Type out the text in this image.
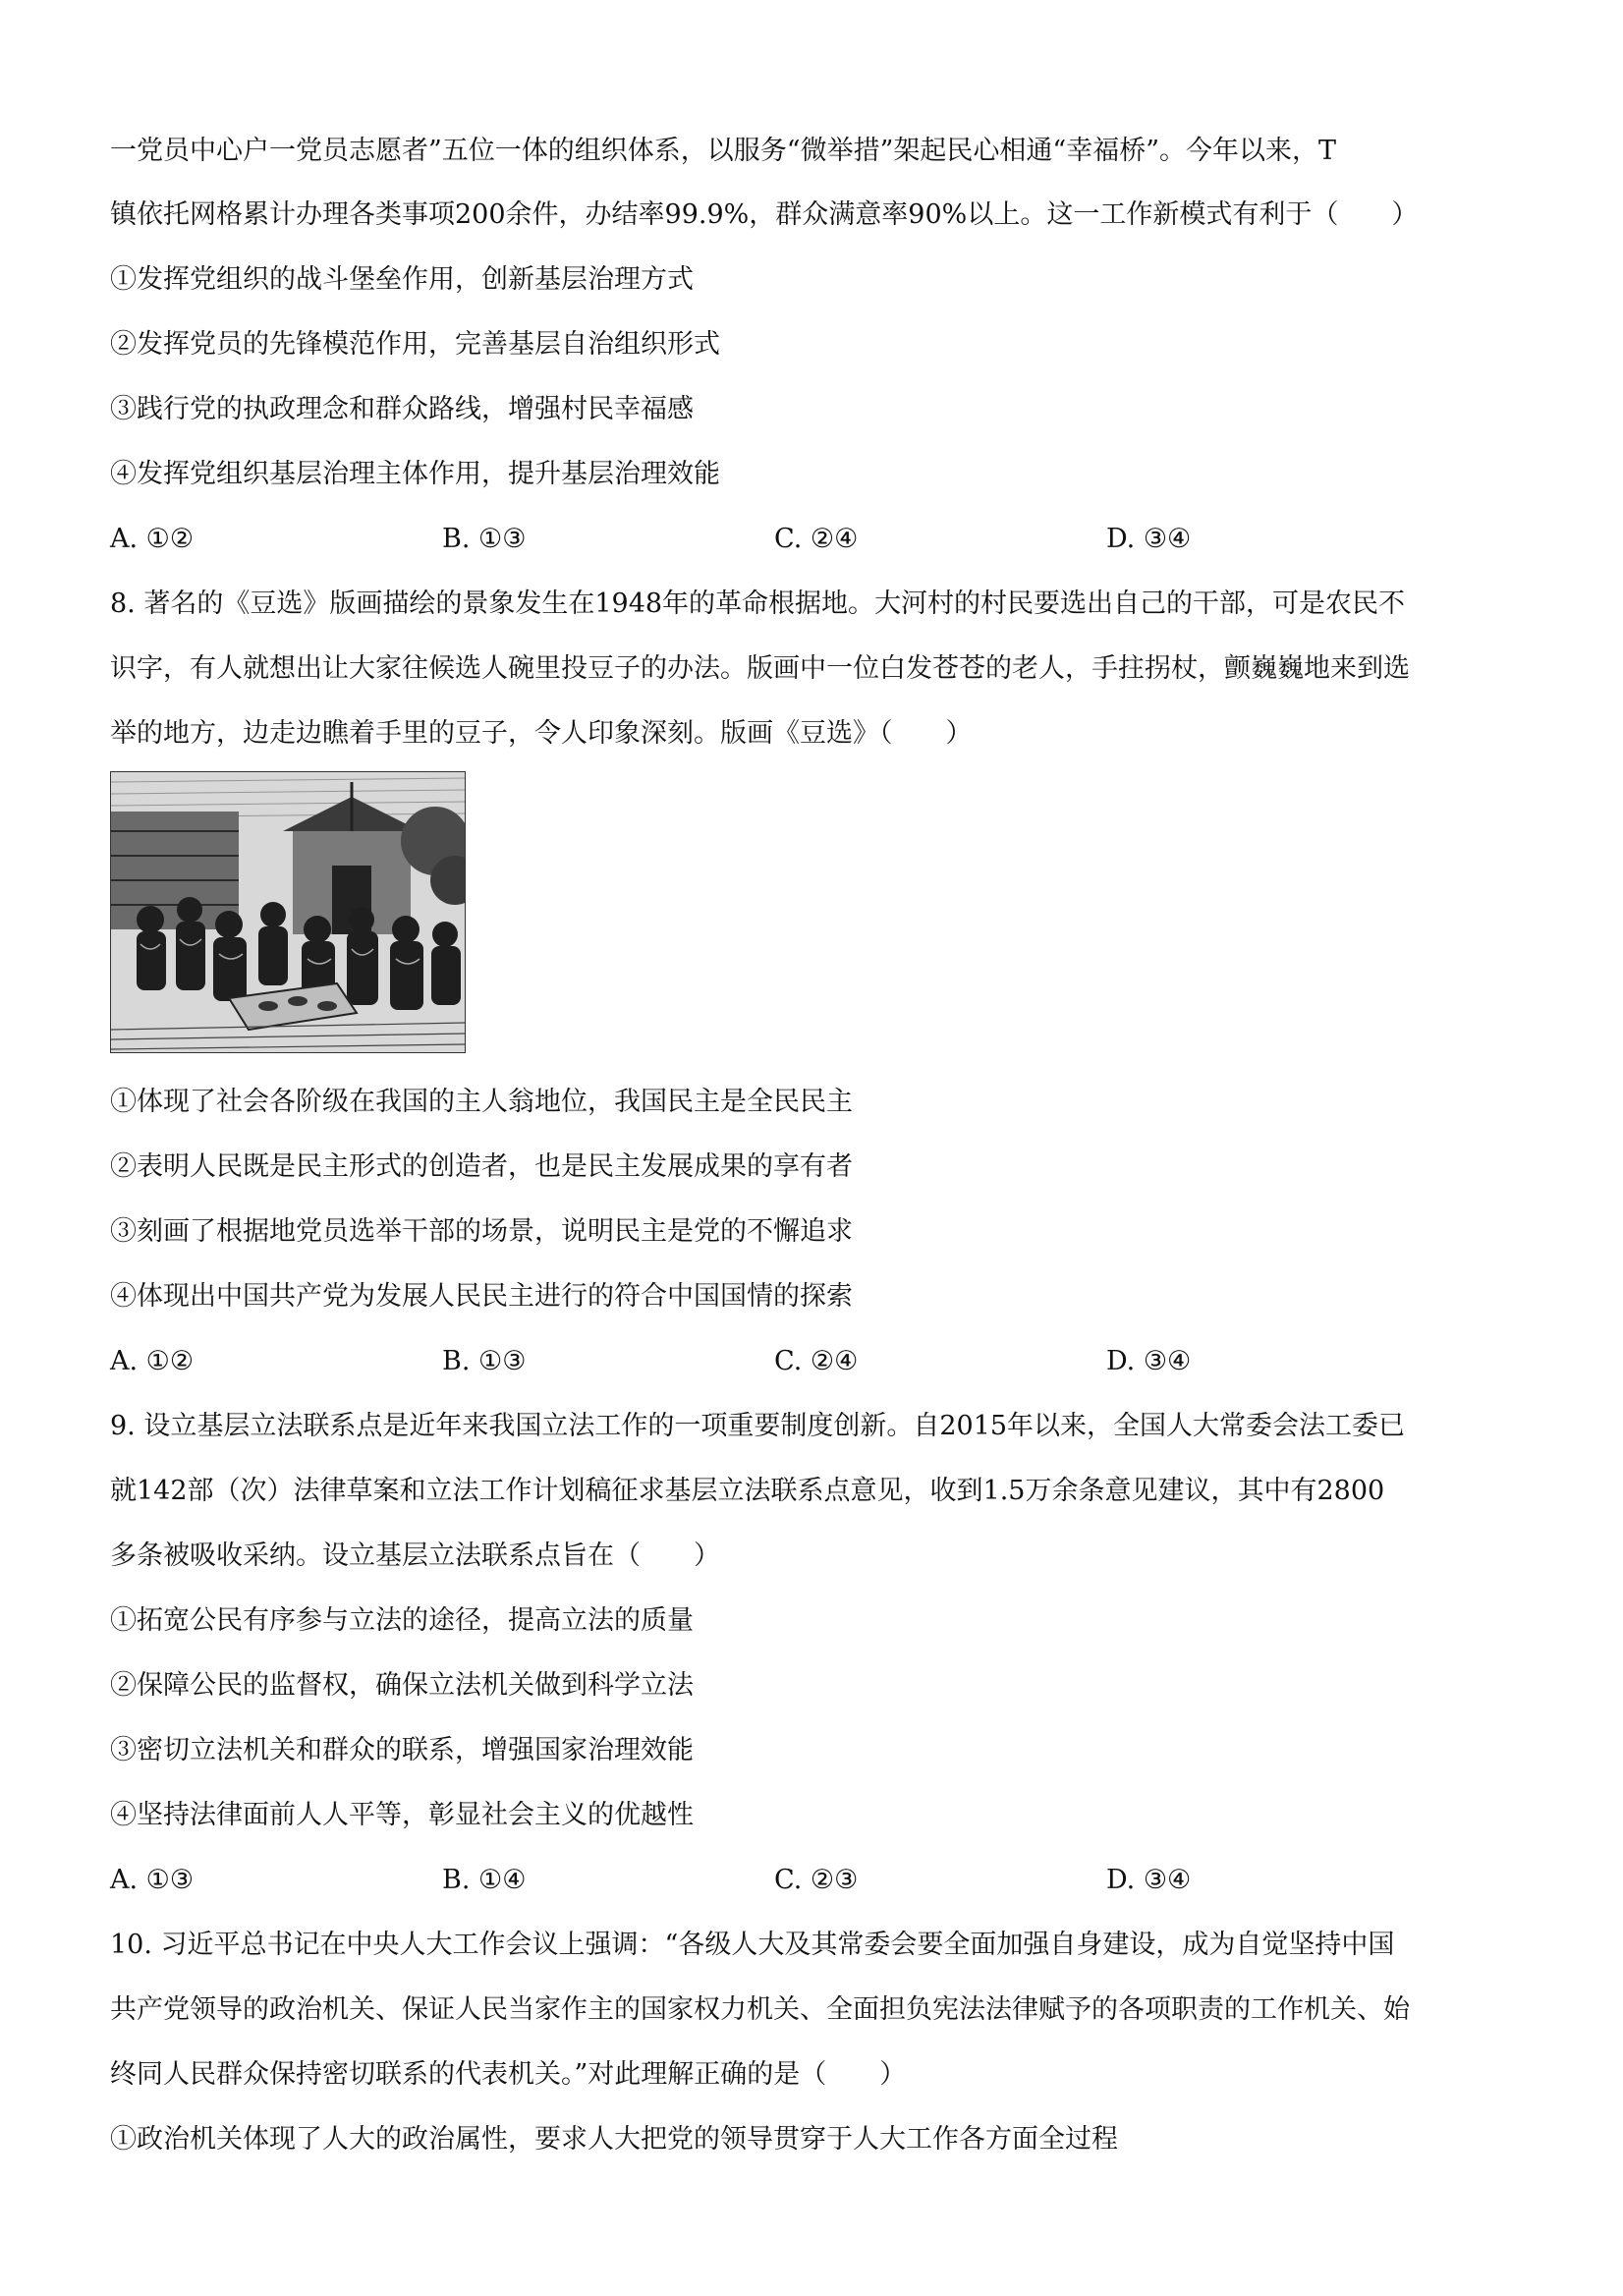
一党员中心户一党员志愿者”五位一体的组织体系，以服务“微举措”架起民心相通“幸福桥”。今年以来，T
镇依托网格累计办理各类事项200余件，办结率99.9%，群众满意率90%以上。这一工作新模式有利于（　　）
①发挥党组织的战斗堡垒作用，创新基层治理方式
②发挥党员的先锋模范作用，完善基层自治组织形式
③践行党的执政理念和群众路线，增强村民幸福感
④发挥党组织基层治理主体作用，提升基层治理效能
A. ①②	B. ①③	C. ②④	D. ③④
8. 著名的《豆选》版画描绘的景象发生在1948年的革命根据地。大河村的村民要选出自己的干部，可是农民不
识字，有人就想出让大家往候选人碗里投豆子的办法。版画中一位白发苍苍的老人，手拄拐杖，颤巍巍地来到选
举的地方，边走边瞧着手里的豆子，令人印象深刻。版画《豆选》（　　）
①体现了社会各阶级在我国的主人翁地位，我国民主是全民民主
②表明人民既是民主形式的创造者，也是民主发展成果的享有者
③刻画了根据地党员选举干部的场景，说明民主是党的不懈追求
④体现出中国共产党为发展人民民主进行的符合中国国情的探索
A. ①②	B. ①③	C. ②④	D. ③④
9. 设立基层立法联系点是近年来我国立法工作的一项重要制度创新。自2015年以来，全国人大常委会法工委已
就142部（次）法律草案和立法工作计划稿征求基层立法联系点意见，收到1.5万余条意见建议，其中有2800
多条被吸收采纳。设立基层立法联系点旨在（　　）
①拓宽公民有序参与立法的途径，提高立法的质量
②保障公民的监督权，确保立法机关做到科学立法
③密切立法机关和群众的联系，增强国家治理效能
④坚持法律面前人人平等，彰显社会主义的优越性
A. ①③	B. ①④	C. ②③	D. ③④
10. 习近平总书记在中央人大工作会议上强调：“各级人大及其常委会要全面加强自身建设，成为自觉坚持中国
共产党领导的政治机关、保证人民当家作主的国家权力机关、全面担负宪法法律赋予的各项职责的工作机关、始
终同人民群众保持密切联系的代表机关。”对此理解正确的是（　　）
①政治机关体现了人大的政治属性，要求人大把党的领导贯穿于人大工作各方面全过程
